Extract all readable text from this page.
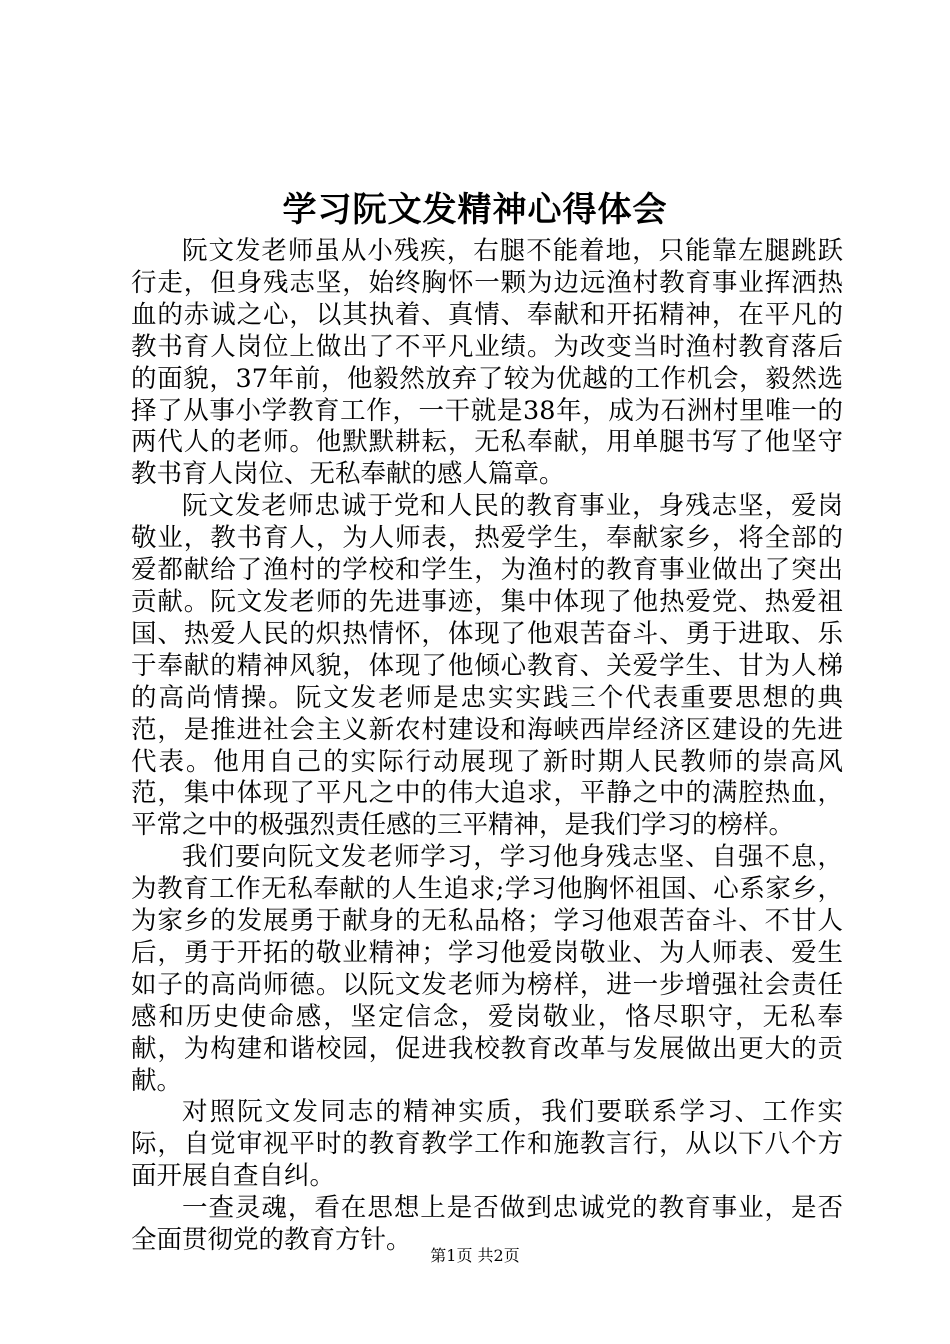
学习阮文发精神心得体会

阮文发老师虽从小残疾，右腿不能着地，只能靠左腿跳跃行走，但身残志坚，始终胸怀一颗为边远渔村教育事业挥洒热血的赤诚之心，以其执着、真情、奉献和开拓精神，在平凡的教书育人岗位上做出了不平凡业绩。为改变当时渔村教育落后的面貌，37年前，他毅然放弃了较为优越的工作机会，毅然选择了从事小学教育工作，一干就是38年，成为石洲村里唯一的两代人的老师。他默默耕耘，无私奉献，用单腿书写了他坚守教书育人岗位、无私奉献的感人篇章。

阮文发老师忠诚于党和人民的教育事业，身残志坚，爱岗敬业，教书育人，为人师表，热爱学生，奉献家乡，将全部的爱都献给了渔村的学校和学生，为渔村的教育事业做出了突出贡献。阮文发老师的先进事迹，集中体现了他热爱党、热爱祖国、热爱人民的炽热情怀，体现了他艰苦奋斗、勇于进取、乐于奉献的精神风貌，体现了他倾心教育、关爱学生、甘为人梯的高尚情操。阮文发老师是忠实实践三个代表重要思想的典范，是推进社会主义新农村建设和海峡西岸经济区建设的先进代表。他用自己的实际行动展现了新时期人民教师的崇高风范，集中体现了平凡之中的伟大追求，平静之中的满腔热血，平常之中的极强烈责任感的三平精神，是我们学习的榜样。

我们要向阮文发老师学习，学习他身残志坚、自强不息，为教育工作无私奉献的人生追求;学习他胸怀祖国、心系家乡，为家乡的发展勇于献身的无私品格；学习他艰苦奋斗、不甘人后，勇于开拓的敬业精神；学习他爱岗敬业、为人师表、爱生如子的高尚师德。以阮文发老师为榜样，进一步增强社会责任感和历史使命感，坚定信念，爱岗敬业，恪尽职守，无私奉献，为构建和谐校园，促进我校教育改革与发展做出更大的贡献。

对照阮文发同志的精神实质，我们要联系学习、工作实际，自觉审视平时的教育教学工作和施教言行，从以下八个方面开展自查自纠。

一查灵魂，看在思想上是否做到忠诚党的教育事业，是否全面贯彻党的教育方针。

第1页 共2页
